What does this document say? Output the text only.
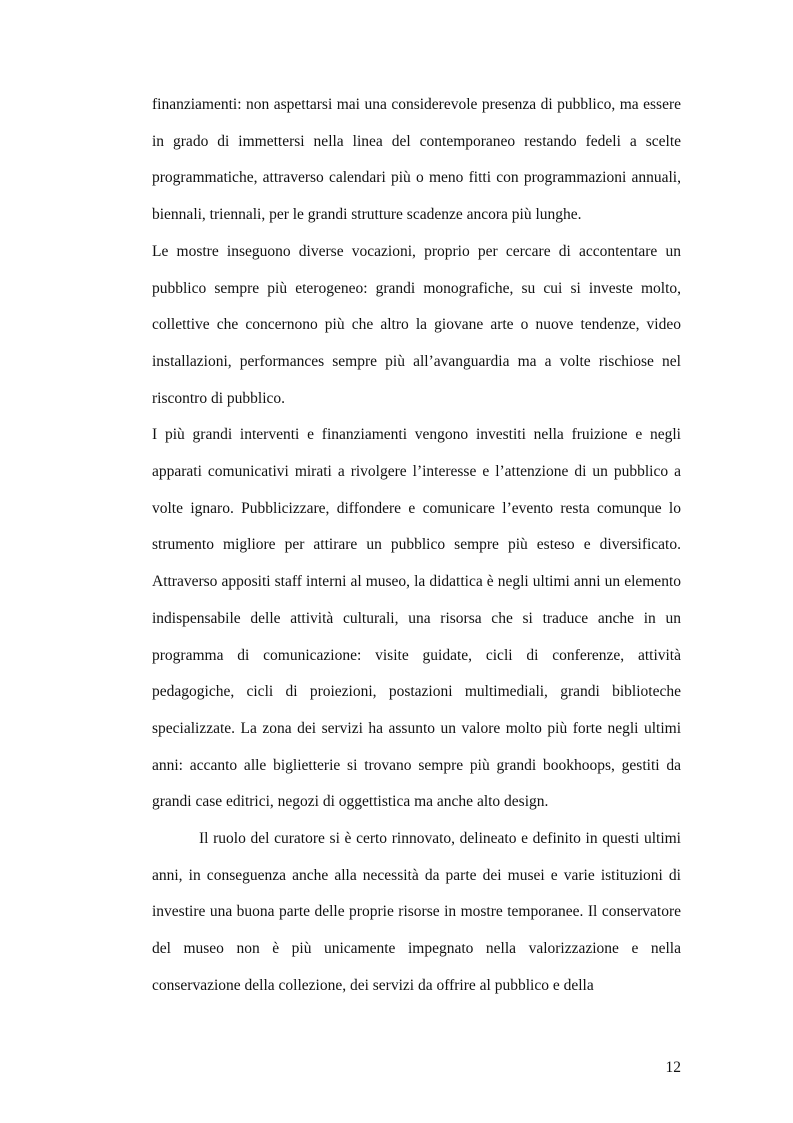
finanziamenti: non aspettarsi mai una considerevole presenza di pubblico, ma essere in grado di immettersi nella linea del contemporaneo restando fedeli a scelte programmatiche, attraverso calendari più o meno fitti con programmazioni annuali, biennali, triennali, per le grandi strutture scadenze ancora più lunghe.

Le mostre inseguono diverse vocazioni, proprio per cercare di accontentare un pubblico sempre più eterogeneo: grandi monografiche, su cui si investe molto, collettive che concernono più che altro la giovane arte o nuove tendenze, video installazioni, performances sempre più all’avanguardia ma a volte rischiose nel riscontro di pubblico.

I più grandi interventi e finanziamenti vengono investiti nella fruizione e negli apparati comunicativi mirati a rivolgere l’interesse e l’attenzione di un pubblico a volte ignaro. Pubblicizzare, diffondere e comunicare l’evento resta comunque lo strumento migliore per attirare un pubblico sempre più esteso e diversificato. Attraverso appositi staff interni al museo, la didattica è negli ultimi anni un elemento indispensabile delle attività culturali, una risorsa che si traduce anche in un programma di comunicazione: visite guidate, cicli di conferenze, attività pedagogiche, cicli di proiezioni, postazioni multimediali, grandi biblioteche specializzate. La zona dei servizi ha assunto un valore molto più forte negli ultimi anni: accanto alle biglietterie si trovano sempre più grandi bookhoops, gestiti da grandi case editrici, negozi di oggettistica ma anche alto design.

Il ruolo del curatore si è certo rinnovato, delineato e definito in questi ultimi anni, in conseguenza anche alla necessità da parte dei musei e varie istituzioni di investire una buona parte delle proprie risorse in mostre temporanee. Il conservatore del museo non è più unicamente impegnato nella valorizzazione e nella conservazione della collezione, dei servizi da offrire al pubblico e della

12
